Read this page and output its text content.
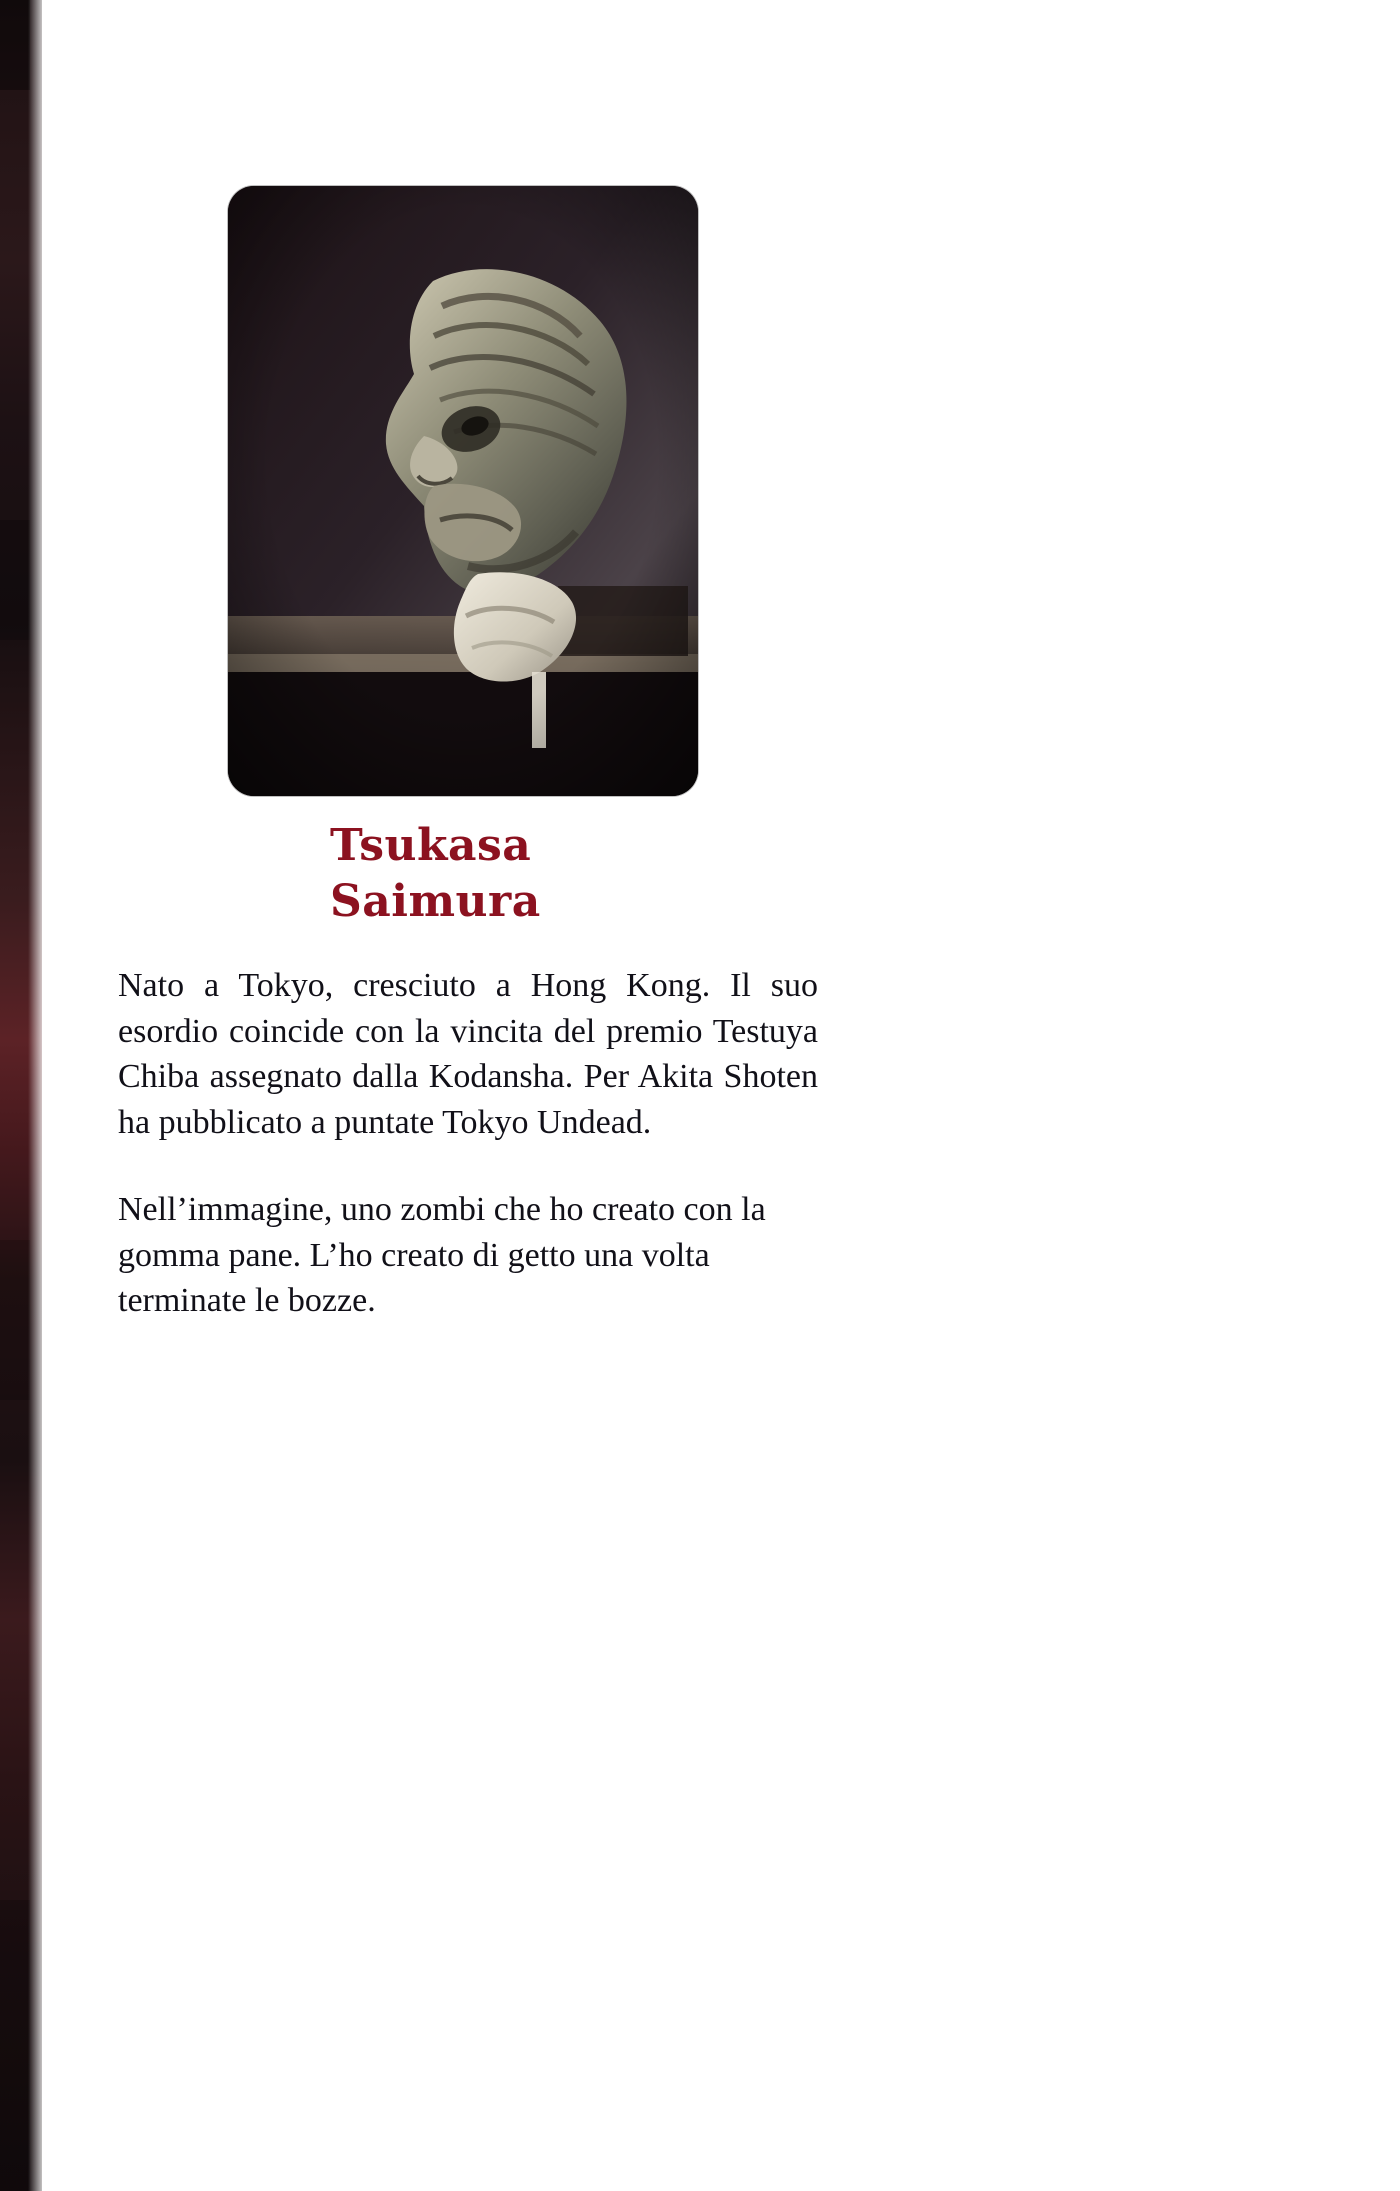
Tsukasa
Saimura

Nato a Tokyo, cresciuto a Hong Kong. Il suo esordio coincide con la vincita del premio Testuya Chiba assegnato dalla Kodansha. Per Akita Shoten ha pubblicato a puntate Tokyo Undead.

Nell’immagine, uno zombi che ho creato con la gomma pane. L’ho creato di getto una volta terminate le bozze.
